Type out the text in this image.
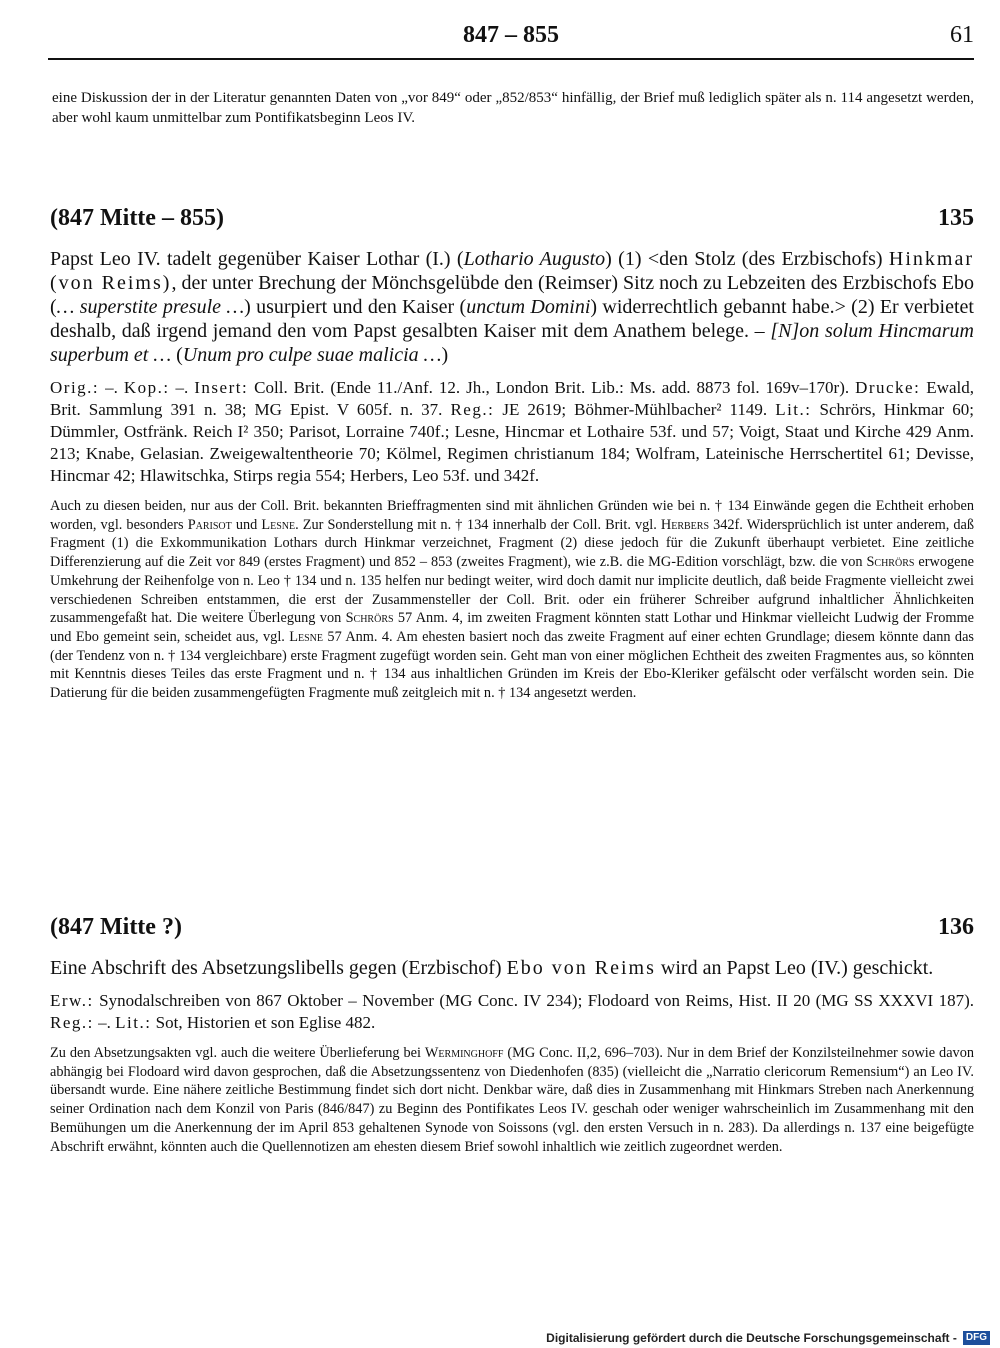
847 – 855	61
eine Diskussion der in der Literatur genannten Daten von „vor 849“ oder „852/853“ hinfällig, der Brief muß lediglich später als n. 114 angesetzt werden, aber wohl kaum unmittelbar zum Pontifikatsbeginn Leos IV.
(847 Mitte – 855)	135
Papst Leo IV. tadelt gegenüber Kaiser Lothar (I.) (Lothario Augusto) (1) <den Stolz (des Erzbischofs) Hinkmar (von Reims), der unter Brechung der Mönchsgelübde den (Reimser) Sitz noch zu Lebzeiten des Erzbischofs Ebo (… superstite presule …) usurpiert und den Kaiser (unctum Domini) widerrechtlich gebannt habe.> (2) Er verbietet deshalb, daß irgend jemand den vom Papst gesalbten Kaiser mit dem Anathem belege. – [N]on solum Hincmarum superbum et … (Unum pro culpe suae malicia …)
Orig.: –. Kop.: –. Insert: Coll. Brit. (Ende 11./Anf. 12. Jh., London Brit. Lib.: Ms. add. 8873 fol. 169v–170r). Drucke: Ewald, Brit. Sammlung 391 n. 38; MG Epist. V 605f. n. 37. Reg.: JE 2619; Böhmer-Mühlbacher² 1149. Lit.: Schrörs, Hinkmar 60; Dümmler, Ostfränk. Reich I² 350; Parisot, Lorraine 740f.; Lesne, Hincmar et Lothaire 53f. und 57; Voigt, Staat und Kirche 429 Anm. 213; Knabe, Gelasian. Zweigewaltentheorie 70; Kölmel, Regimen christianum 184; Wolfram, Lateinische Herrschertitel 61; Devisse, Hincmar 42; Hlawitschka, Stirps regia 554; Herbers, Leo 53f. und 342f.
Auch zu diesen beiden, nur aus der Coll. Brit. bekannten Brieffragmenten sind mit ähnlichen Gründen wie bei n. † 134 Einwände gegen die Echtheit erhoben worden, vgl. besonders Parisot und Lesne. Zur Sonderstellung mit n. † 134 innerhalb der Coll. Brit. vgl. Herbers 342f. Widersprüchlich ist unter anderem, daß Fragment (1) die Exkommunikation Lothars durch Hinkmar verzeichnet, Fragment (2) diese jedoch für die Zukunft überhaupt verbietet. Eine zeitliche Differenzierung auf die Zeit vor 849 (erstes Fragment) und 852 – 853 (zweites Fragment), wie z.B. die MG-Edition vorschlägt, bzw. die von Schrörs erwogene Umkehrung der Reihenfolge von n. Leo † 134 und n. 135 helfen nur bedingt weiter, wird doch damit nur implicite deutlich, daß beide Fragmente vielleicht zwei verschiedenen Schreiben entstammen, die erst der Zusammensteller der Coll. Brit. oder ein früherer Schreiber aufgrund inhaltlicher Ähnlichkeiten zusammengefaßt hat. Die weitere Überlegung von Schrörs 57 Anm. 4, im zweiten Fragment könnten statt Lothar und Hinkmar vielleicht Ludwig der Fromme und Ebo gemeint sein, scheidet aus, vgl. Lesne 57 Anm. 4. Am ehesten basiert noch das zweite Fragment auf einer echten Grundlage; diesem könnte dann das (der Tendenz von n. † 134 vergleichbare) erste Fragment zugefügt worden sein. Geht man von einer möglichen Echtheit des zweiten Fragmentes aus, so könnten mit Kenntnis dieses Teiles das erste Fragment und n. † 134 aus inhaltlichen Gründen im Kreis der Ebo-Kleriker gefälscht oder verfälscht worden sein. Die Datierung für die beiden zusammengefügten Fragmente muß zeitgleich mit n. † 134 angesetzt werden.
(847 Mitte ?)	136
Eine Abschrift des Absetzungslibells gegen (Erzbischof) Ebo von Reims wird an Papst Leo (IV.) geschickt.
Erw.: Synodalschreiben von 867 Oktober – November (MG Conc. IV 234); Flodoard von Reims, Hist. II 20 (MG SS XXXVI 187). Reg.: –. Lit.: Sot, Historien et son Eglise 482.
Zu den Absetzungsakten vgl. auch die weitere Überlieferung bei Werminghoff (MG Conc. II,2, 696–703). Nur in dem Brief der Konzilsteilnehmer sowie davon abhängig bei Flodoard wird davon gesprochen, daß die Absetzungssentenz von Diedenhofen (835) (vielleicht die „Narratio clericorum Remensium“) an Leo IV. übersandt wurde. Eine nähere zeitliche Bestimmung findet sich dort nicht. Denkbar wäre, daß dies in Zusammenhang mit Hinkmars Streben nach Anerkennung seiner Ordination nach dem Konzil von Paris (846/847) zu Beginn des Pontifikates Leos IV. geschah oder weniger wahrscheinlich im Zusammenhang mit den Bemühungen um die Anerkennung der im April 853 gehaltenen Synode von Soissons (vgl. den ersten Versuch in n. 283). Da allerdings n. 137 eine beigefügte Abschrift erwähnt, könnten auch die Quellennotizen am ehesten diesem Brief sowohl inhaltlich wie zeitlich zugeordnet werden.
Digitalisierung gefördert durch die Deutsche Forschungsgemeinschaft - DFG
